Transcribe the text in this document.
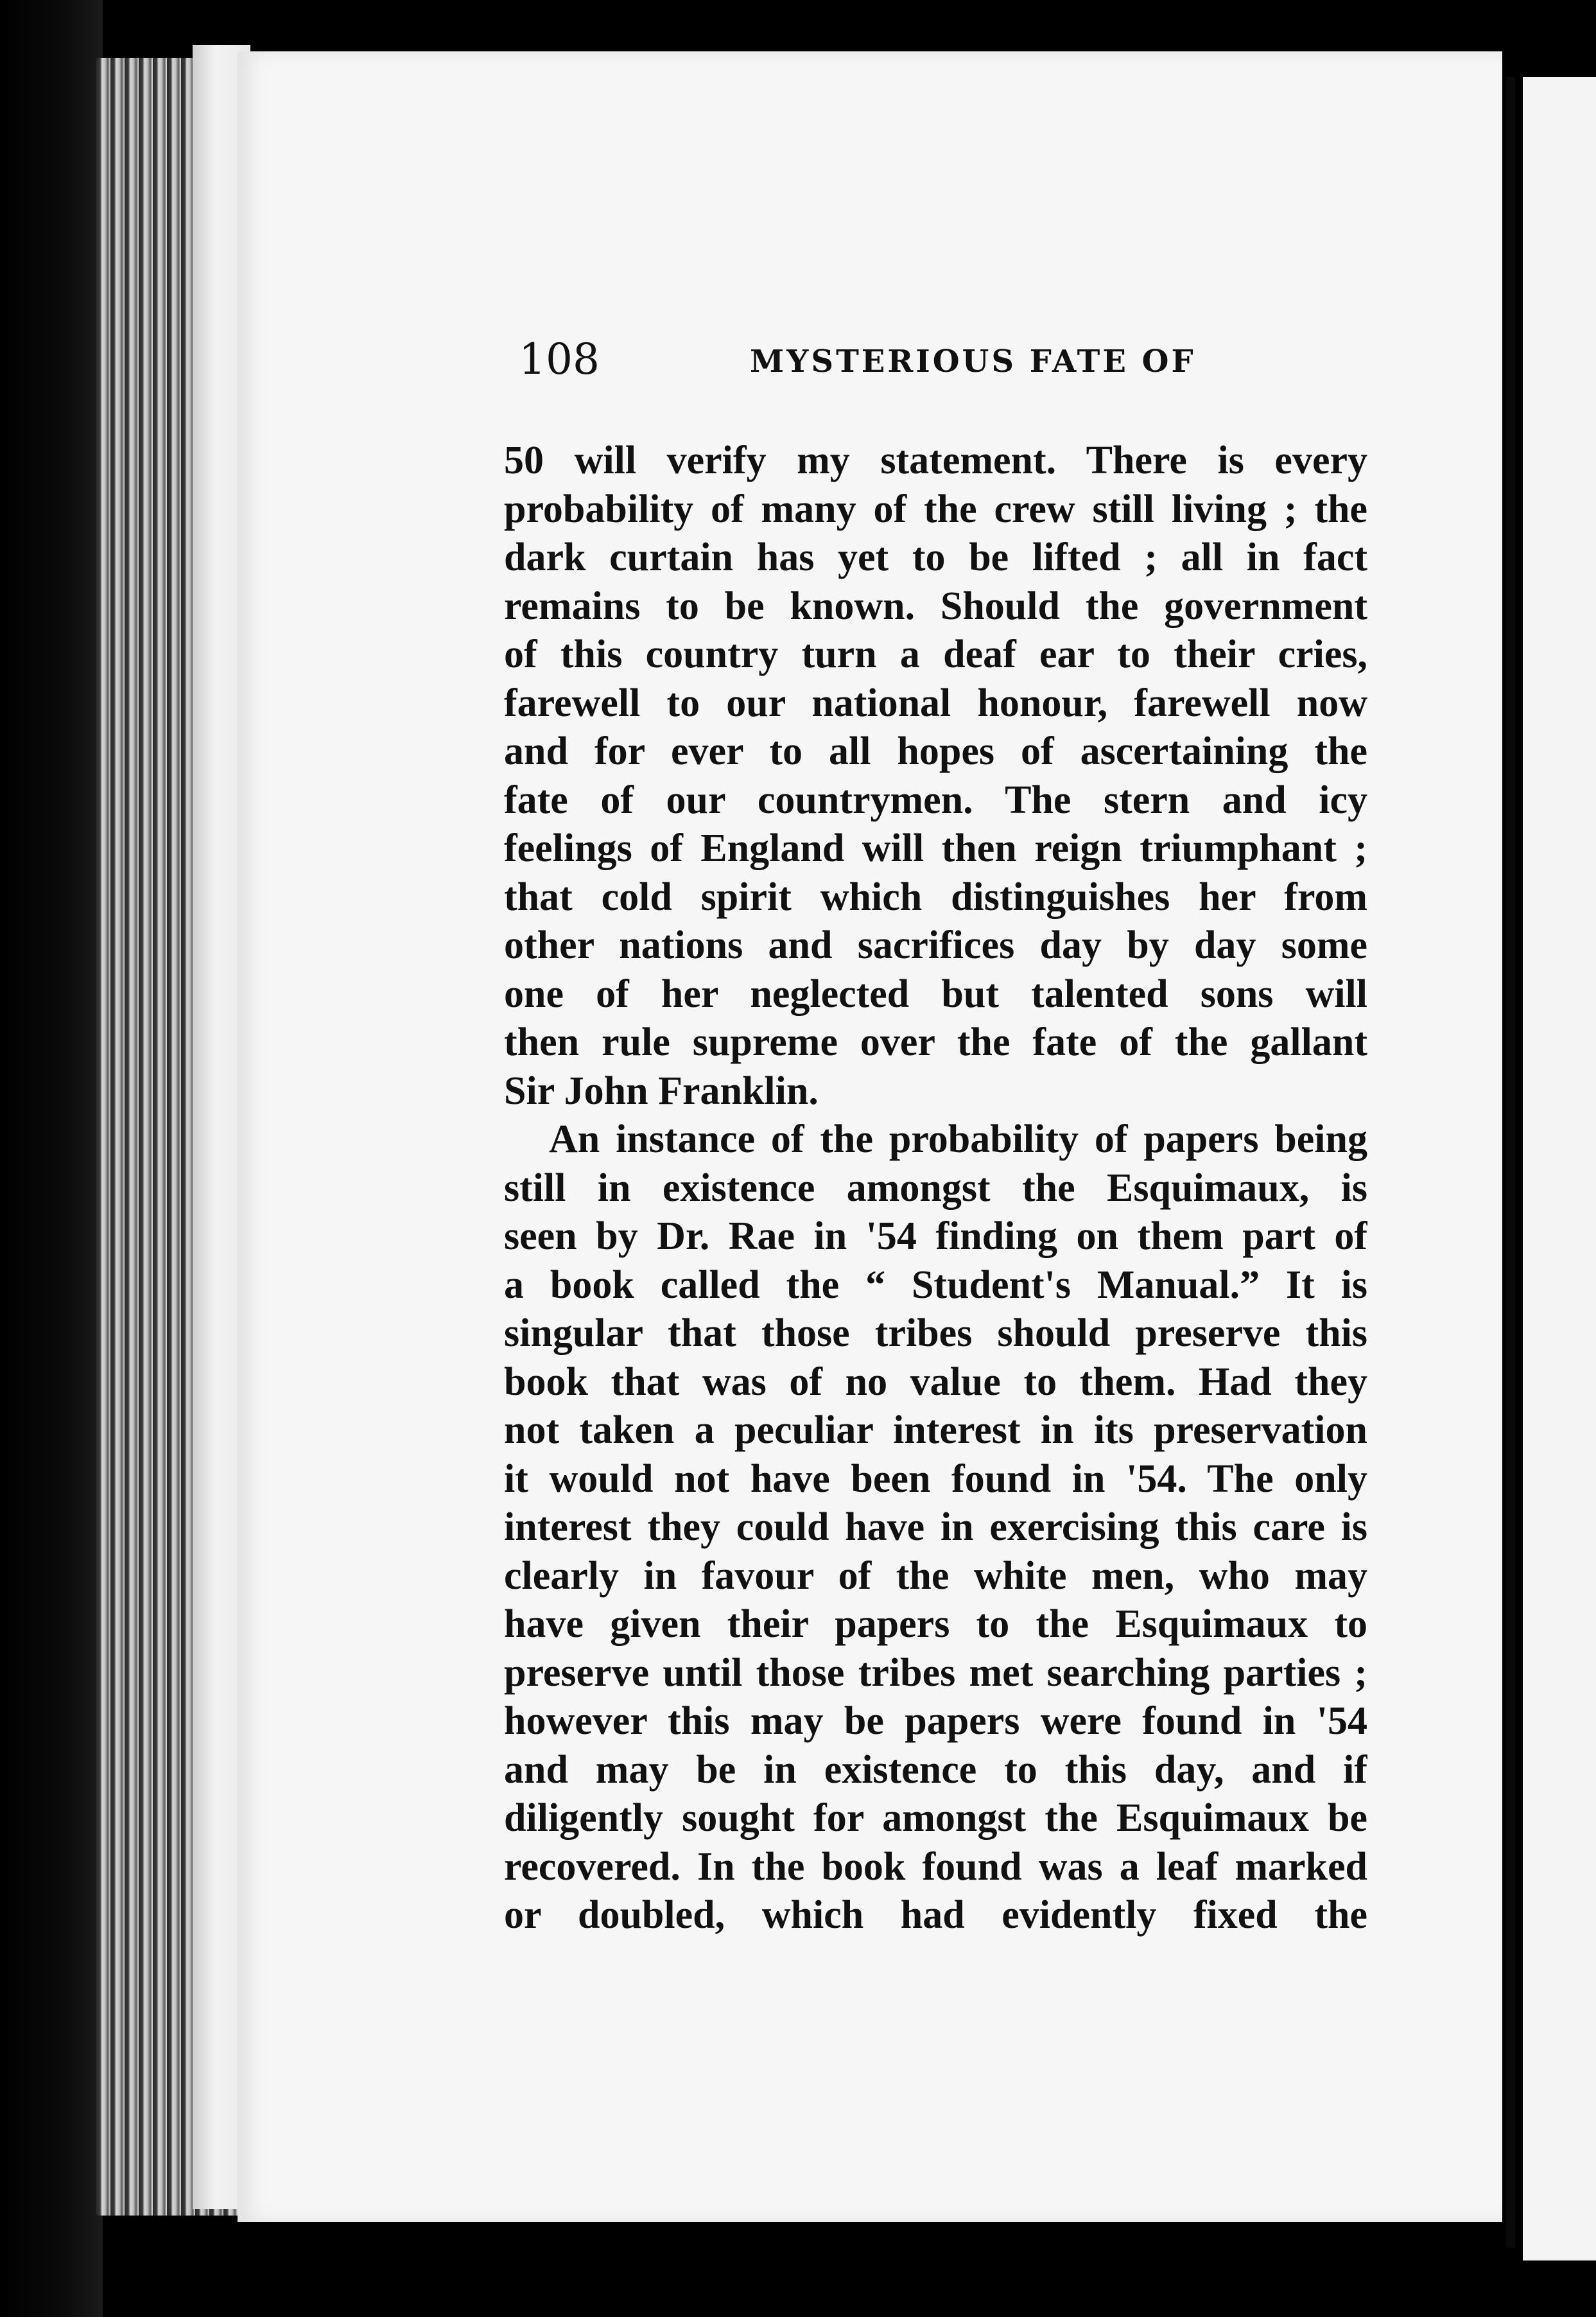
108	MYSTERIOUS FATE OF
50 will verify my statement. There is every
probability of many of the crew still living ; the
dark curtain has yet to be lifted ; all in fact
remains to be known. Should the government
of this country turn a deaf ear to their cries,
farewell to our national honour, farewell now
and for ever to all hopes of ascertaining the
fate of our countrymen. The stern and icy
feelings of England will then reign triumphant ;
that cold spirit which distinguishes her from
other nations and sacrifices day by day some
one of her neglected but talented sons will
then rule supreme over the fate of the gallant
Sir John Franklin.
An instance of the probability of papers being
still in existence amongst the Esquimaux, is
seen by Dr. Rae in '54 finding on them part of
a book called the “ Student's Manual.” It is
singular that those tribes should preserve this
book that was of no value to them. Had they
not taken a peculiar interest in its preservation
it would not have been found in '54. The only
interest they could have in exercising this care is
clearly in favour of the white men, who may
have given their papers to the Esquimaux to
preserve until those tribes met searching parties ;
however this may be papers were found in '54
and may be in existence to this day, and if
diligently sought for amongst the Esquimaux be
recovered. In the book found was a leaf marked
or doubled, which had evidently fixed the
